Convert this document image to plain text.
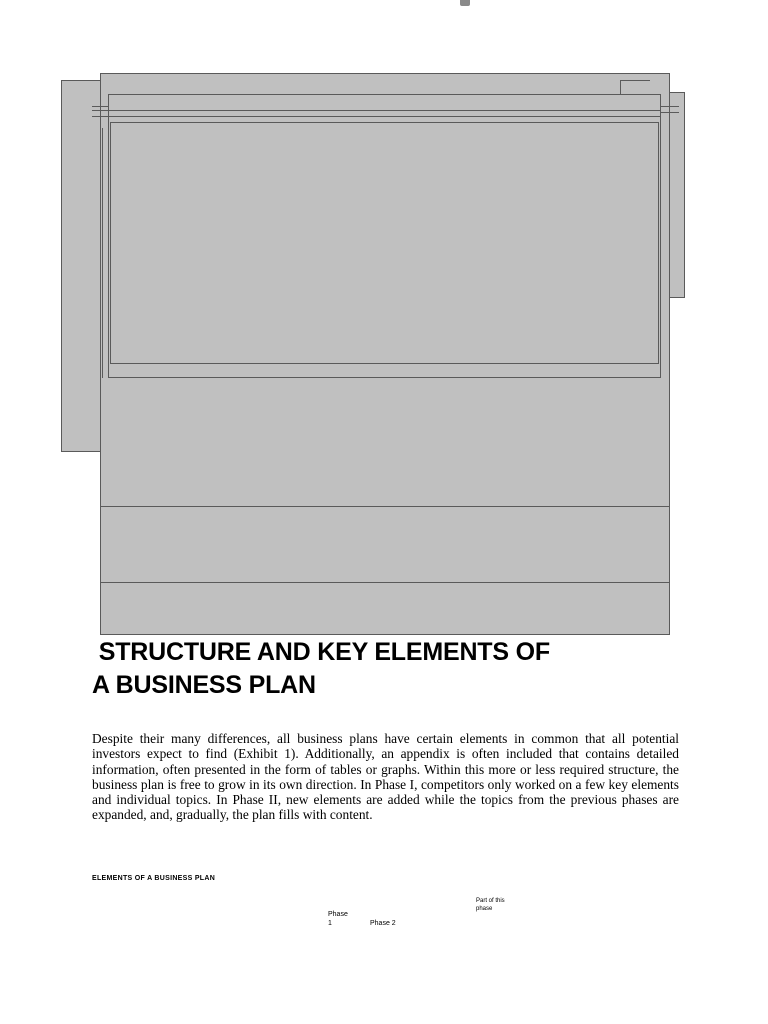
STRUCTURE AND KEY ELEMENTS OF
A BUSINESS PLAN
Despite their many differences, all business plans have certain elements in common that all potential investors expect to find (Exhibit 1). Additionally, an appendix is often included that contains detailed information, often presented in the form of tables or graphs. Within this more or less required structure, the business plan is free to grow in its own direction. In Phase I, competitors only worked on a few key elements and individual topics. In Phase II, new elements are added while the topics from the previous phases are expanded, and, gradually, the plan fills with content.
ELEMENTS OF A BUSINESS PLAN
Phase
1	Phase 2
Part of this
phase
